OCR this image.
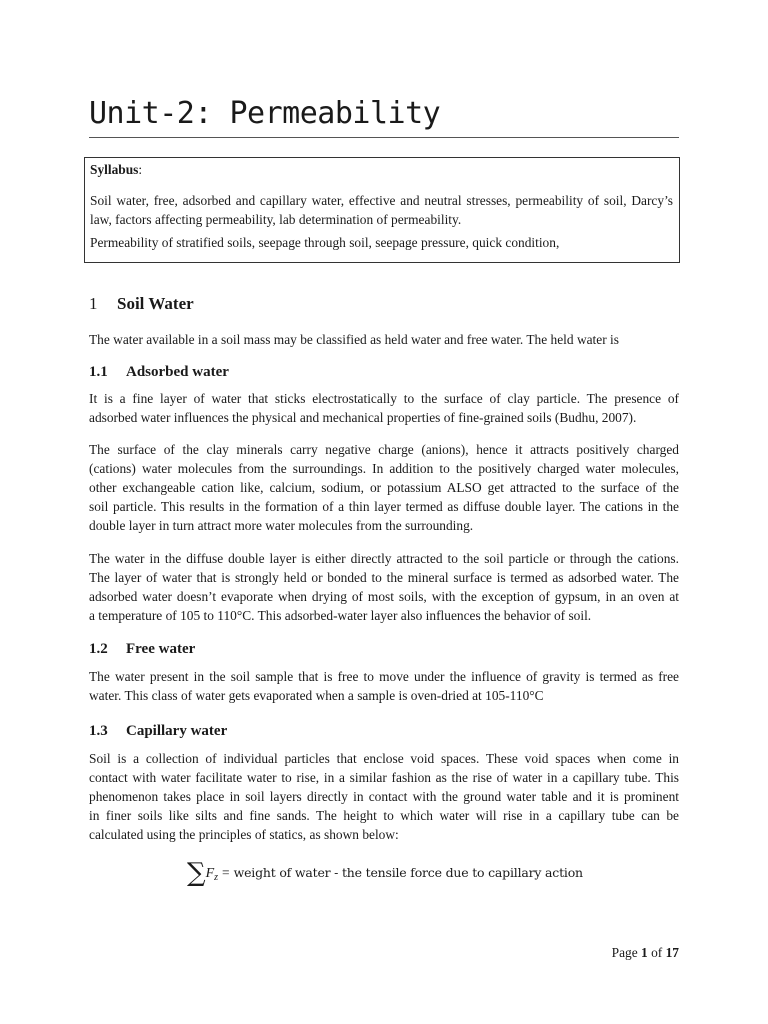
Unit-2: Permeability

Syllabus:

Soil water, free, adsorbed and capillary water, effective and neutral stresses, permeability of soil, Darcy’s law, factors affecting permeability, lab determination of permeability.

Permeability of stratified soils, seepage through soil, seepage pressure, quick condition,

1 Soil Water

The water available in a soil mass may be classified as held water and free water. The held water is

1.1 Adsorbed water

It is a fine layer of water that sticks electrostatically to the surface of clay particle. The presence of
adsorbed water influences the physical and mechanical properties of fine-grained soils (Budhu, 2007).

The surface of the clay minerals carry negative charge (anions), hence it attracts positively charged
(cations) water molecules from the surroundings. In addition to the positively charged water molecules,
other exchangeable cation like, calcium, sodium, or potassium ALSO get attracted to the surface of the
soil particle. This results in the formation of a thin layer termed as diffuse double layer. The cations in the
double layer in turn attract more water molecules from the surrounding.

The water in the diffuse double layer is either directly attracted to the soil particle or through the cations.
The layer of water that is strongly held or bonded to the mineral surface is termed as adsorbed water. The
adsorbed water doesn’t evaporate when drying of most soils, with the exception of gypsum, in an oven at
a temperature of 105 to 110°C. This adsorbed-water layer also influences the behavior of soil.

1.2 Free water

The water present in the soil sample that is free to move under the influence of gravity is termed as free
water. This class of water gets evaporated when a sample is oven-dried at 105-110°C

1.3 Capillary water

Soil is a collection of individual particles that enclose void spaces. These void spaces when come in
contact with water facilitate water to rise, in a similar fashion as the rise of water in a capillary tube. This
phenomenon takes place in soil layers directly in contact with the ground water table and it is prominent
in finer soils like silts and fine sands. The height to which water will rise in a capillary tube can be
calculated using the principles of statics, as shown below:

$\sum F_z$ = weight of water - the tensile force due to capillary action
Page 1 of 17
